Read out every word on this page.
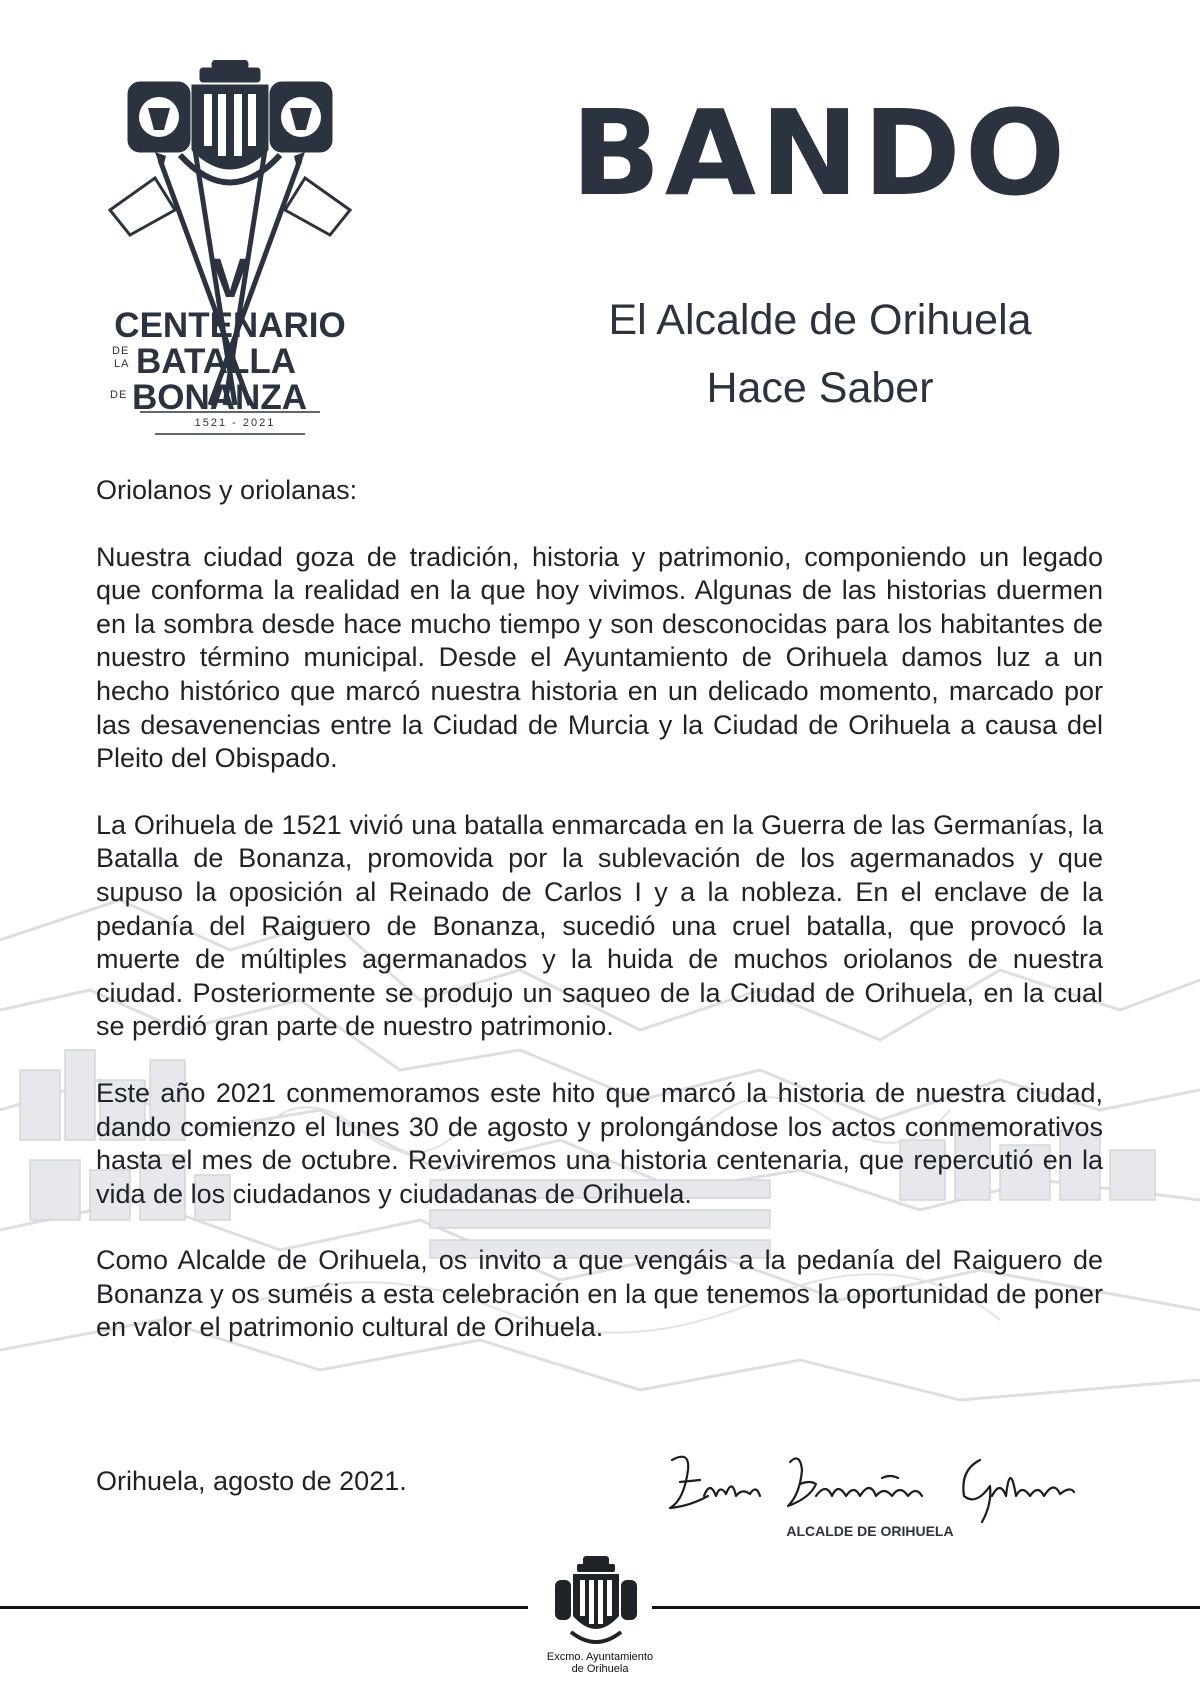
V

CENTENARIO

DE
LA BATALLA
DE BONANZA
1521 - 2021
BANDO

El Alcalde de Orihuela

Hace Saber

Oriolanos y oriolanas:

Nuestra ciudad goza de tradición, historia y patrimonio, componiendo un legado que conforma la realidad en la que hoy vivimos. Algunas de las historias duermen en la sombra desde hace mucho tiempo y son desconocidas para los habitantes de nuestro término municipal. Desde el Ayuntamiento de Orihuela damos luz a un hecho histórico que marcó nuestra historia en un delicado momento, marcado por las desavenencias entre la Ciudad de Murcia y la Ciudad de Orihuela a causa del Pleito del Obispado.

La Orihuela de 1521 vivió una batalla enmarcada en la Guerra de las Germanías, la Batalla de Bonanza, promovida por la sublevación de los agermanados y que supuso la oposición al Reinado de Carlos I y a la nobleza. En el enclave de la pedanía del Raiguero de Bonanza, sucedió una cruel batalla, que provocó la muerte de múltiples agermanados y la huida de muchos oriolanos de nuestra ciudad. Posteriormente se produjo un saqueo de la Ciudad de Orihuela, en la cual se perdió gran parte de nuestro patrimonio.

Este año 2021 conmemoramos este hito que marcó la historia de nuestra ciudad, dando comienzo el lunes 30 de agosto y prolongándose los actos conmemorativos hasta el mes de octubre. Reviviremos una historia centenaria, que repercutió en la vida de los ciudadanos y ciudadanas de Orihuela.

Como Alcalde de Orihuela, os invito a que vengáis a la pedanía del Raiguero de Bonanza y os suméis a esta celebración en la que tenemos la oportunidad de poner en valor el patrimonio cultural de Orihuela.

Orihuela, agosto de 2021.

ALCALDE DE ORIHUELA

Excmo. Ayuntamiento
de Orihuela
